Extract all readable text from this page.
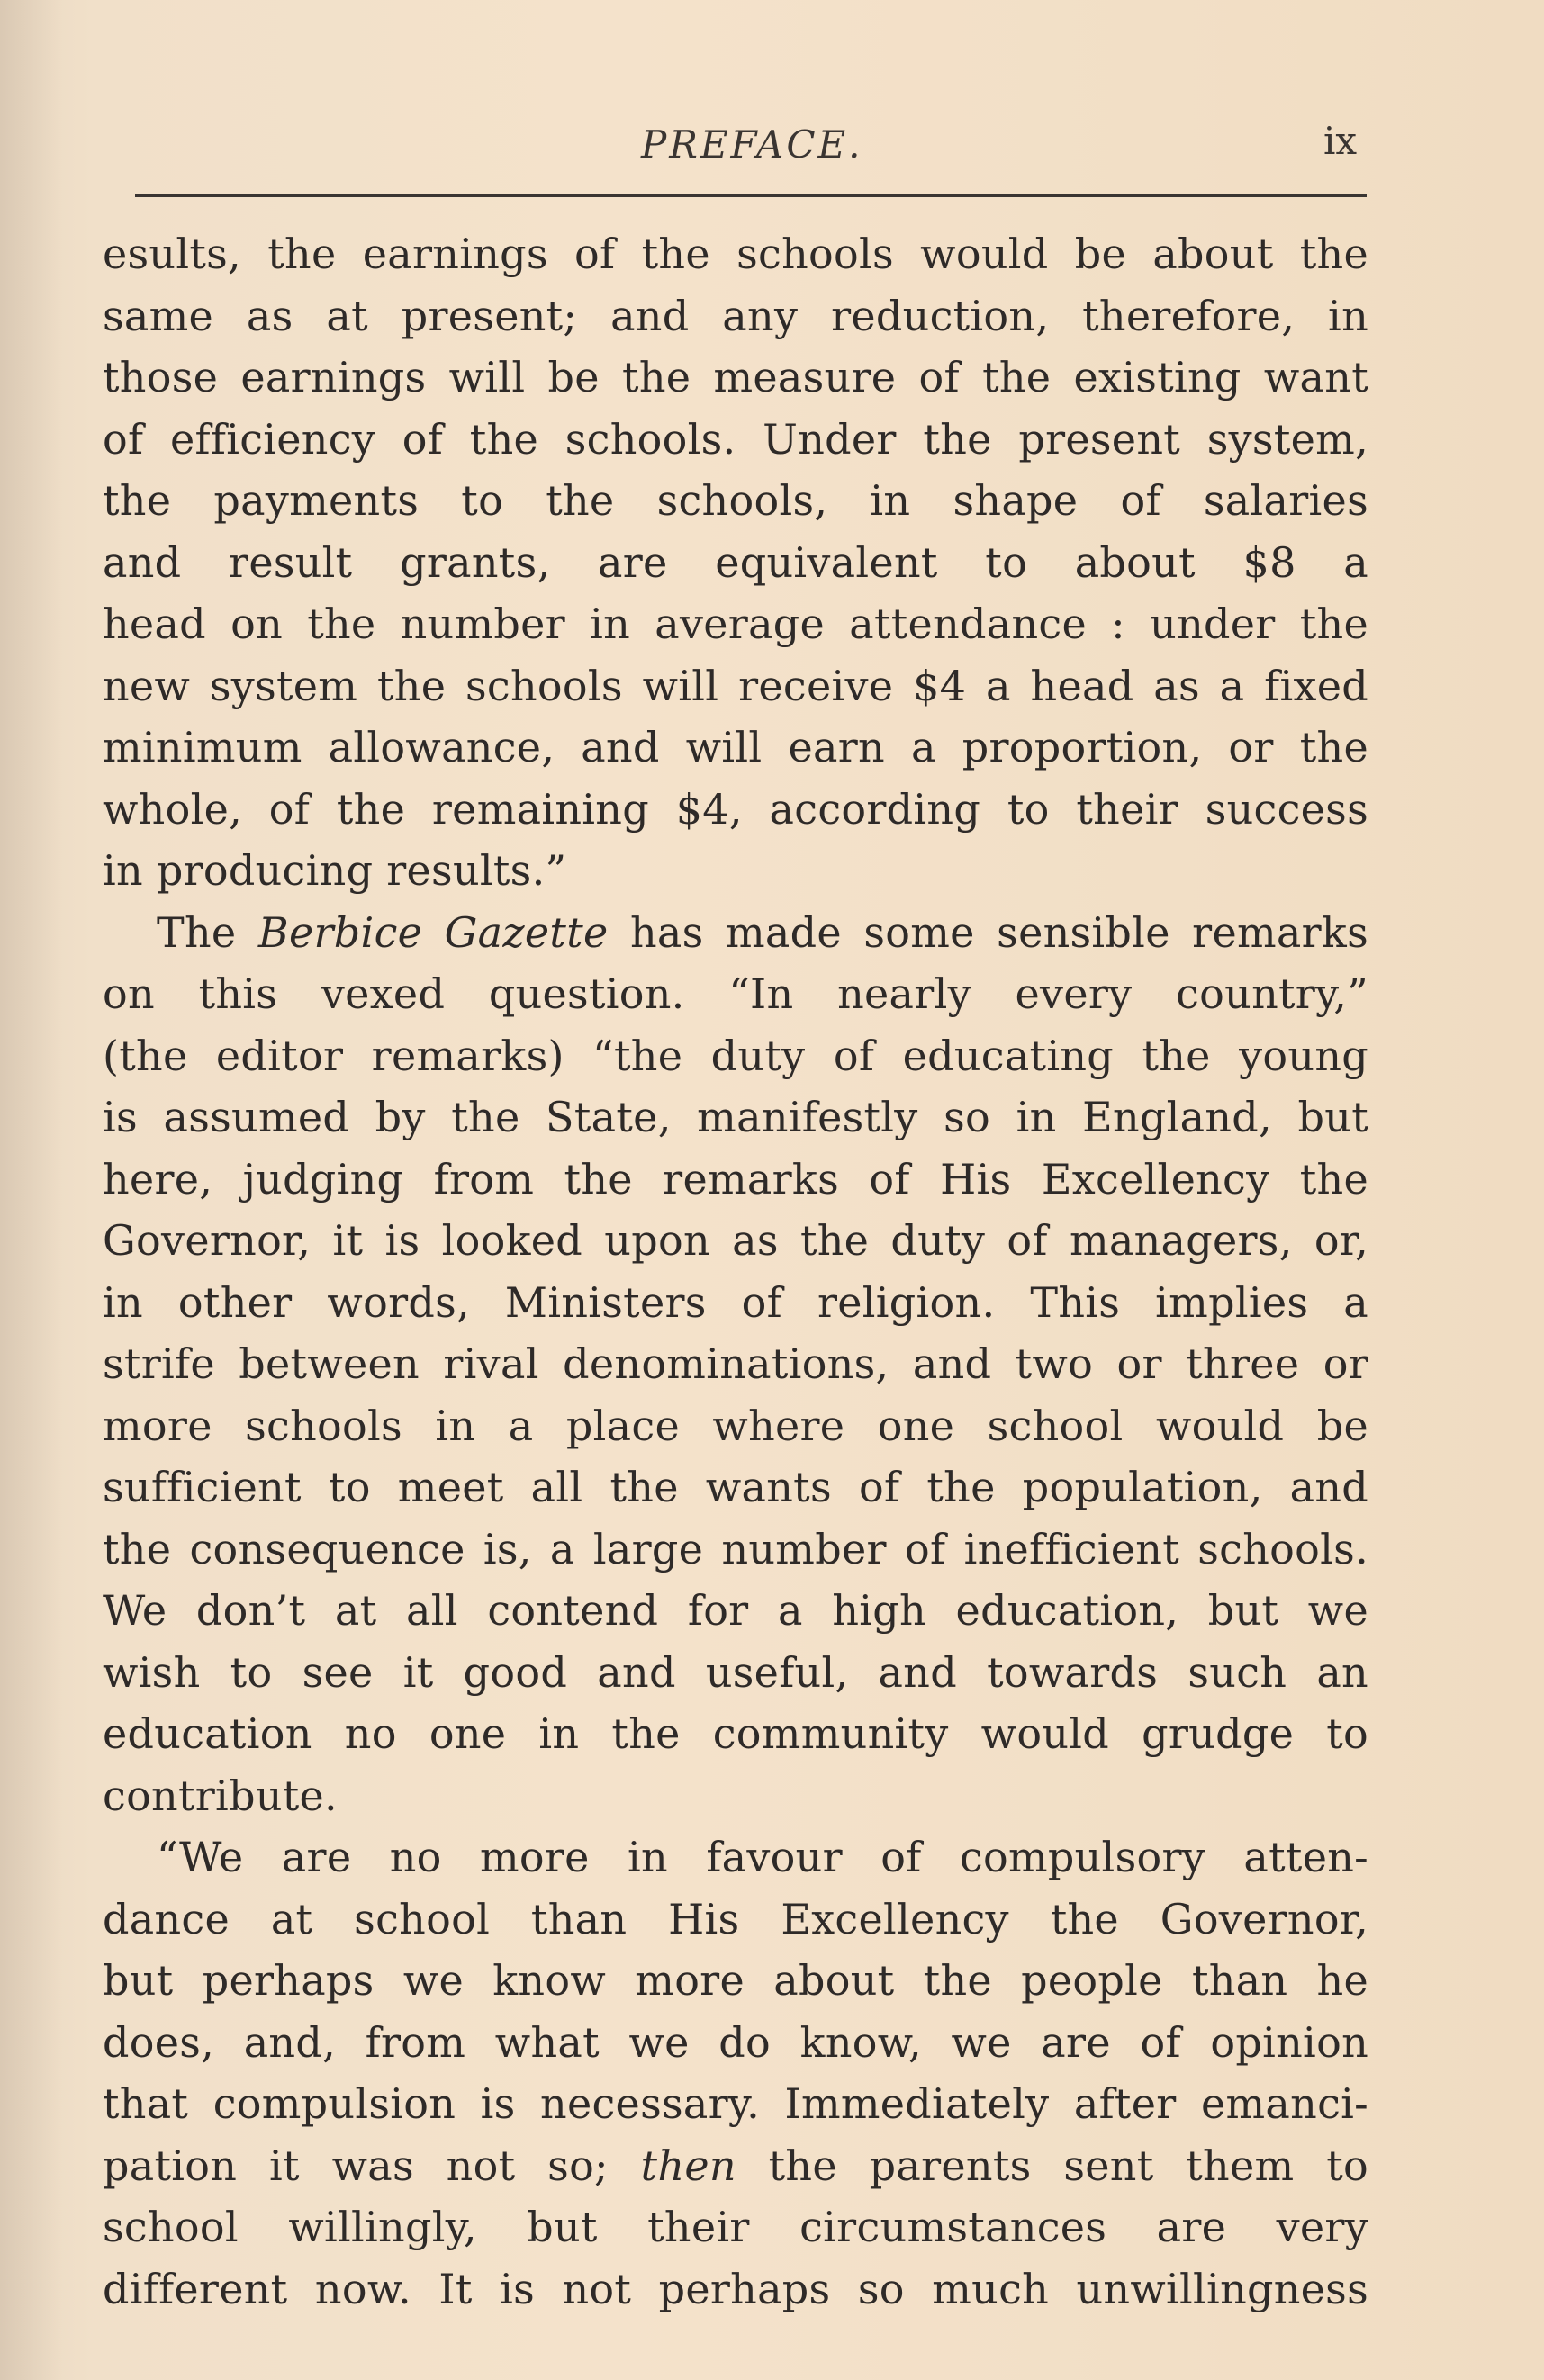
PREFACE.	ix
esults, the earnings of the schools would be about the
same as at present; and any reduction, therefore, in
those earnings will be the measure of the existing want
of efficiency of the schools. Under the present system,
the payments to the schools, in shape of salaries
and result grants, are equivalent to about $8 a
head on the number in average attendance : under the
new system the schools will receive $4 a head as a fixed
minimum allowance, and will earn a proportion, or the
whole, of the remaining $4, according to their success
in producing results.”
The Berbice Gazette has made some sensible remarks
on this vexed question. “In nearly every country,”
(the editor remarks) “the duty of educating the young
is assumed by the State, manifestly so in England, but
here, judging from the remarks of His Excellency the
Governor, it is looked upon as the duty of managers, or,
in other words, Ministers of religion. This implies a
strife between rival denominations, and two or three or
more schools in a place where one school would be
sufficient to meet all the wants of the population, and
the consequence is, a large number of inefficient schools.
We don’t at all contend for a high education, but we
wish to see it good and useful, and towards such an
education no one in the community would grudge to
contribute.
“We are no more in favour of compulsory atten-
dance at school than His Excellency the Governor,
but perhaps we know more about the people than he
does, and, from what we do know, we are of opinion
that compulsion is necessary. Immediately after emanci-
pation it was not so; then the parents sent them to
school willingly, but their circumstances are very
different now. It is not perhaps so much unwillingness
